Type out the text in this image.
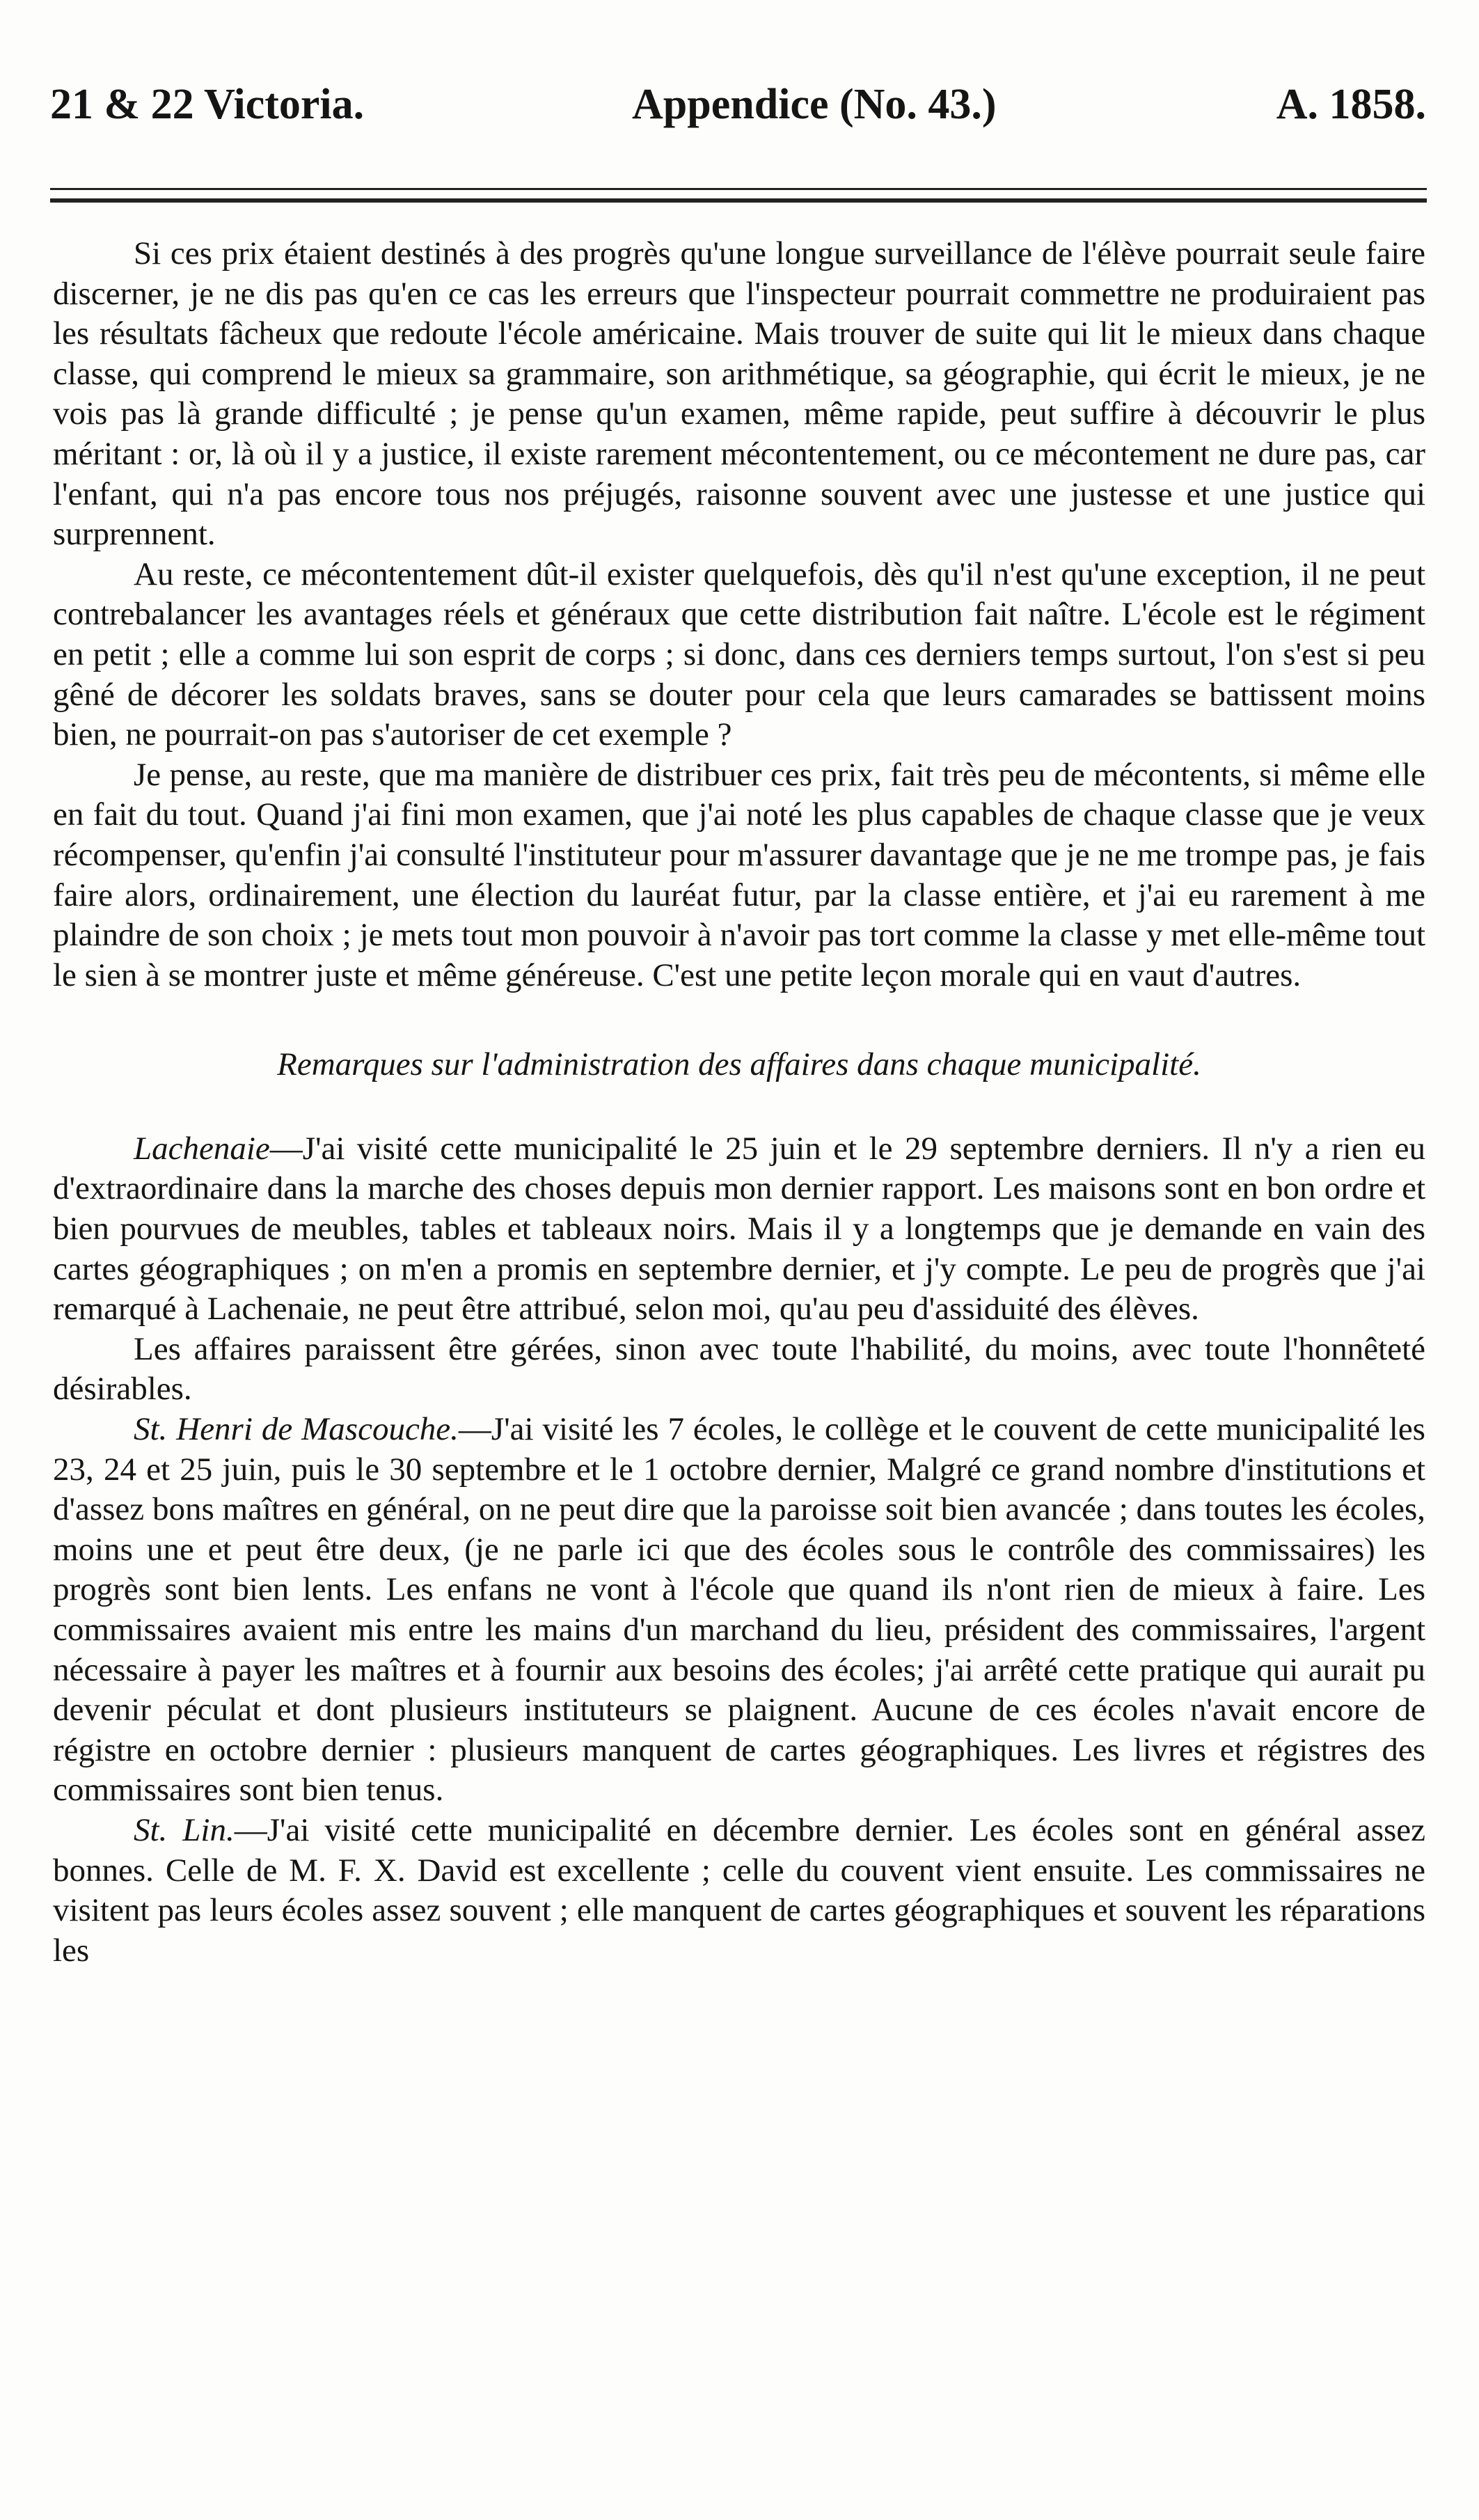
21 & 22 Victoria.	Appendice (No. 43.)	A. 1858.

Si ces prix étaient destinés à des progrès qu'une longue surveillance de l'élève pourrait seule faire discerner, je ne dis pas qu'en ce cas les erreurs que l'inspecteur pourrait commettre ne produiraient pas les résultats fâcheux que redoute l'école américaine. Mais trouver de suite qui lit le mieux dans chaque classe, qui comprend le mieux sa grammaire, son arithmétique, sa géographie, qui écrit le mieux, je ne vois pas là grande difficulté ; je pense qu'un examen, même rapide, peut suffire à découvrir le plus méritant : or, là où il y a justice, il existe rarement mécontentement, ou ce mécontement ne dure pas, car l'enfant, qui n'a pas encore tous nos préjugés, raisonne souvent avec une justesse et une justice qui surprennent.

Au reste, ce mécontentement dût-il exister quelquefois, dès qu'il n'est qu'une exception, il ne peut contrebalancer les avantages réels et généraux que cette distribution fait naître. L'école est le régiment en petit ; elle a comme lui son esprit de corps ; si donc, dans ces derniers temps surtout, l'on s'est si peu gêné de décorer les soldats braves, sans se douter pour cela que leurs camarades se battissent moins bien, ne pourrait-on pas s'autoriser de cet exemple ?

Je pense, au reste, que ma manière de distribuer ces prix, fait très peu de mécontents, si même elle en fait du tout. Quand j'ai fini mon examen, que j'ai noté les plus capables de chaque classe que je veux récompenser, qu'enfin j'ai consulté l'instituteur pour m'assurer davantage que je ne me trompe pas, je fais faire alors, ordinairement, une élection du lauréat futur, par la classe entière, et j'ai eu rarement à me plaindre de son choix ; je mets tout mon pouvoir à n'avoir pas tort comme la classe y met elle-même tout le sien à se montrer juste et même généreuse. C'est une petite leçon morale qui en vaut d'autres.

Remarques sur l'administration des affaires dans chaque municipalité.

Lachenaie—J'ai visité cette municipalité le 25 juin et le 29 septembre derniers. Il n'y a rien eu d'extraordinaire dans la marche des choses depuis mon dernier rapport. Les maisons sont en bon ordre et bien pourvues de meubles, tables et tableaux noirs. Mais il y a longtemps que je demande en vain des cartes géographiques ; on m'en a promis en septembre dernier, et j'y compte. Le peu de progrès que j'ai remarqué à Lachenaie, ne peut être attribué, selon moi, qu'au peu d'assiduité des élèves.

Les affaires paraissent être gérées, sinon avec toute l'habilité, du moins, avec toute l'honnêteté désirables.

St. Henri de Mascouche.—J'ai visité les 7 écoles, le collège et le couvent de cette municipalité les 23, 24 et 25 juin, puis le 30 septembre et le 1 octobre dernier, Malgré ce grand nombre d'institutions et d'assez bons maîtres en général, on ne peut dire que la paroisse soit bien avancée ; dans toutes les écoles, moins une et peut être deux, (je ne parle ici que des écoles sous le contrôle des commissaires) les progrès sont bien lents. Les enfans ne vont à l'école que quand ils n'ont rien de mieux à faire. Les commissaires avaient mis entre les mains d'un marchand du lieu, président des commissaires, l'argent nécessaire à payer les maîtres et à fournir aux besoins des écoles; j'ai arrêté cette pratique qui aurait pu devenir péculat et dont plusieurs instituteurs se plaignent. Aucune de ces écoles n'avait encore de régistre en octobre dernier : plusieurs manquent de cartes géographiques. Les livres et régistres des commissaires sont bien tenus.

St. Lin.—J'ai visité cette municipalité en décembre dernier. Les écoles sont en général assez bonnes. Celle de M. F. X. David est excellente ; celle du couvent vient ensuite. Les commissaires ne visitent pas leurs écoles assez souvent ; elle manquent de cartes géographiques et souvent les réparations les
